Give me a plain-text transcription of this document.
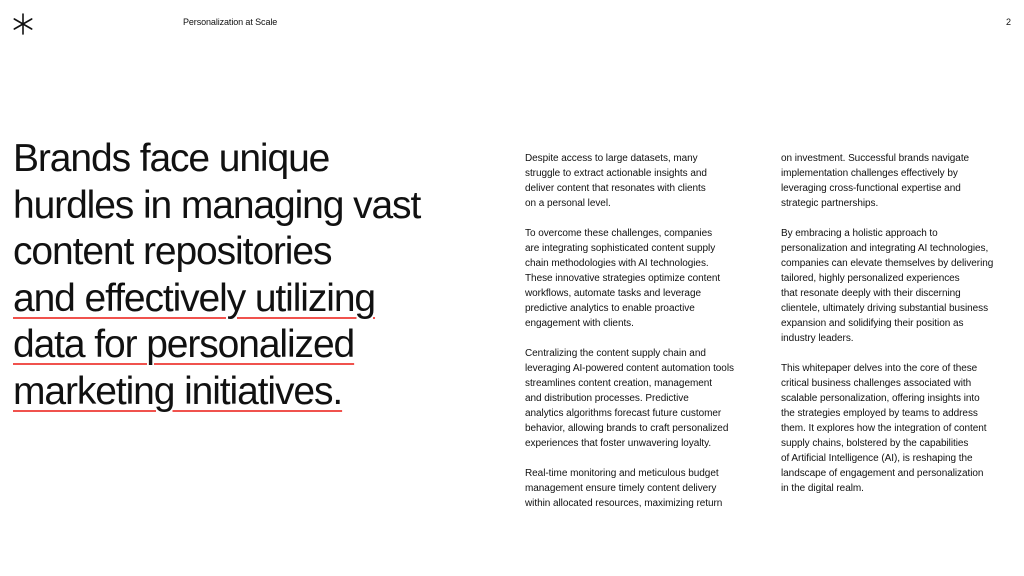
Personalization at Scale	2
Brands face unique
hurdles in managing vast
content repositories
and effectively utilizing
data for personalized
marketing initiatives.

Despite access to large datasets, many
struggle to extract actionable insights and
deliver content that resonates with clients
on a personal level.

To overcome these challenges, companies
are integrating sophisticated content supply
chain methodologies with AI technologies.
These innovative strategies optimize content
workflows, automate tasks and leverage
predictive analytics to enable proactive
engagement with clients.

Centralizing the content supply chain and
leveraging AI-powered content automation tools
streamlines content creation, management
and distribution processes. Predictive
analytics algorithms forecast future customer
behavior, allowing brands to craft personalized
experiences that foster unwavering loyalty.

Real-time monitoring and meticulous budget
management ensure timely content delivery
within allocated resources, maximizing return

on investment. Successful brands navigate
implementation challenges effectively by
leveraging cross-functional expertise and
strategic partnerships.

By embracing a holistic approach to
personalization and integrating AI technologies,
companies can elevate themselves by delivering
tailored, highly personalized experiences
that resonate deeply with their discerning
clientele, ultimately driving substantial business
expansion and solidifying their position as
industry leaders.

This whitepaper delves into the core of these
critical business challenges associated with
scalable personalization, offering insights into
the strategies employed by teams to address
them. It explores how the integration of content
supply chains, bolstered by the capabilities
of Artificial Intelligence (AI), is reshaping the
landscape of engagement and personalization
in the digital realm.
